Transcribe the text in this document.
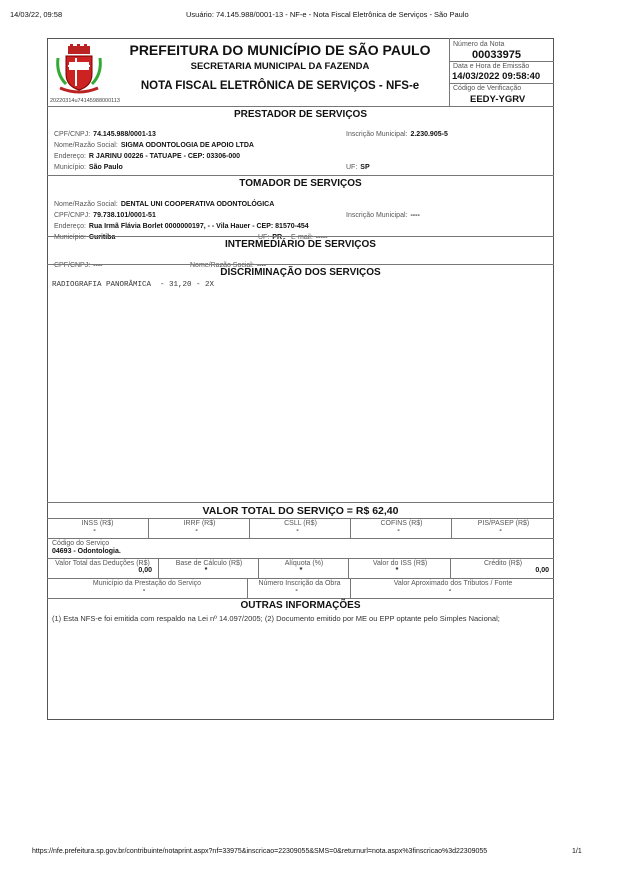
14/03/22, 09:58	Usuário: 74.145.988/0001-13 - NF-e - Nota Fiscal Eletrônica de Serviços - São Paulo
20220314u74145988000113
PREFEITURA DO MUNICÍPIO DE SÃO PAULO
SECRETARIA MUNICIPAL DA FAZENDA
NOTA FISCAL ELETRÔNICA DE SERVIÇOS - NFS-e
Número da Nota
00033975
Data e Hora de Emissão
14/03/2022 09:58:40
Código de Verificação
EEDY-YGRV
PRESTADOR DE SERVIÇOS
CPF/CNPJ: 74.145.988/0001-13	Inscrição Municipal: 2.230.905-5
Nome/Razão Social: SIGMA ODONTOLOGIA DE APOIO LTDA
Endereço: R JARINU 00226 - TATUAPE - CEP: 03306-000
Município: São Paulo	UF: SP
TOMADOR DE SERVIÇOS
Nome/Razão Social: DENTAL UNI COOPERATIVA ODONTOLÓGICA
CPF/CNPJ: 79.738.101/0001-51	Inscrição Municipal: ----
Endereço: Rua Irmã Flávia Borlet 0000000197, - - Vila Hauer - CEP: 81570-454
Município: Curitiba	UF: PR E-mail: -----
INTERMEDIÁRIO DE SERVIÇOS
CPF/CNPJ: ----	Nome/Razão Social: ----
DISCRIMINAÇÃO DOS SERVIÇOS
RADIOGRAFIA PANORÂMICA  - 31,20 - 2X
VALOR TOTAL DO SERVIÇO = R$ 62,40
INSS (R$)
-
IRRF (R$)
-
CSLL (R$)
-
COFINS (R$)
-
PIS/PASEP (R$)
-
Código do Serviço
04693 - Odontologia.
Valor Total das Deduções (R$)
0,00
Base de Cálculo (R$)
*
Alíquota (%)
*
Valor do ISS (R$)
*
Crédito (R$)
0,00
Município da Prestação do Serviço
-
Número Inscrição da Obra
-
Valor Aproximado dos Tributos / Fonte
-
OUTRAS INFORMAÇÕES
(1) Esta NFS-e foi emitida com respaldo na Lei nº 14.097/2005; (2) Documento emitido por ME ou EPP optante pelo Simples Nacional;
https://nfe.prefeitura.sp.gov.br/contribuinte/notaprint.aspx?nf=33975&inscricao=22309055&SMS=0&returnurl=nota.aspx%3finscricao%3d22309055	1/1
